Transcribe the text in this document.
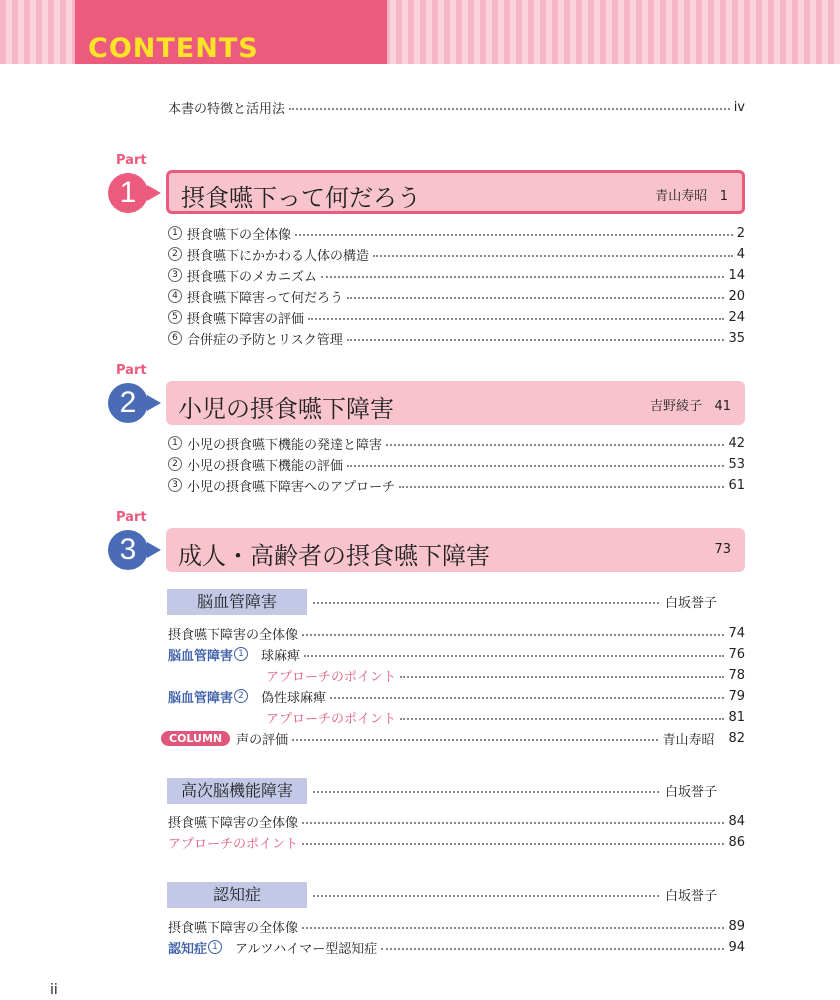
CONTENTS
本書の特徴と活用法	iv
Part
1	摂食嚥下って何だろう	青山寿昭 1
1 摂食嚥下の全体像	2
2 摂食嚥下にかかわる人体の構造	4
3 摂食嚥下のメカニズム	14
4 摂食嚥下障害って何だろう	20
5 摂食嚥下障害の評価	24
6 合併症の予防とリスク管理	35
Part
2	小児の摂食嚥下障害	吉野綾子 41
1 小児の摂食嚥下機能の発達と障害	42
2 小児の摂食嚥下機能の評価	53
3 小児の摂食嚥下障害へのアプローチ	61
Part
3	成人・高齢者の摂食嚥下障害	73
脳血管障害	白坂誉子
摂食嚥下障害の全体像	74
脳血管障害 1	球麻痺	76
アプローチのポイント	78
脳血管障害 2	偽性球麻痺	79
アプローチのポイント	81
COLUMN	声の評価	青山寿昭 82
高次脳機能障害	白坂誉子
摂食嚥下障害の全体像	84
アプローチのポイント	86
認知症	白坂誉子
摂食嚥下障害の全体像	89
認知症 1	アルツハイマー型認知症	94
ii
